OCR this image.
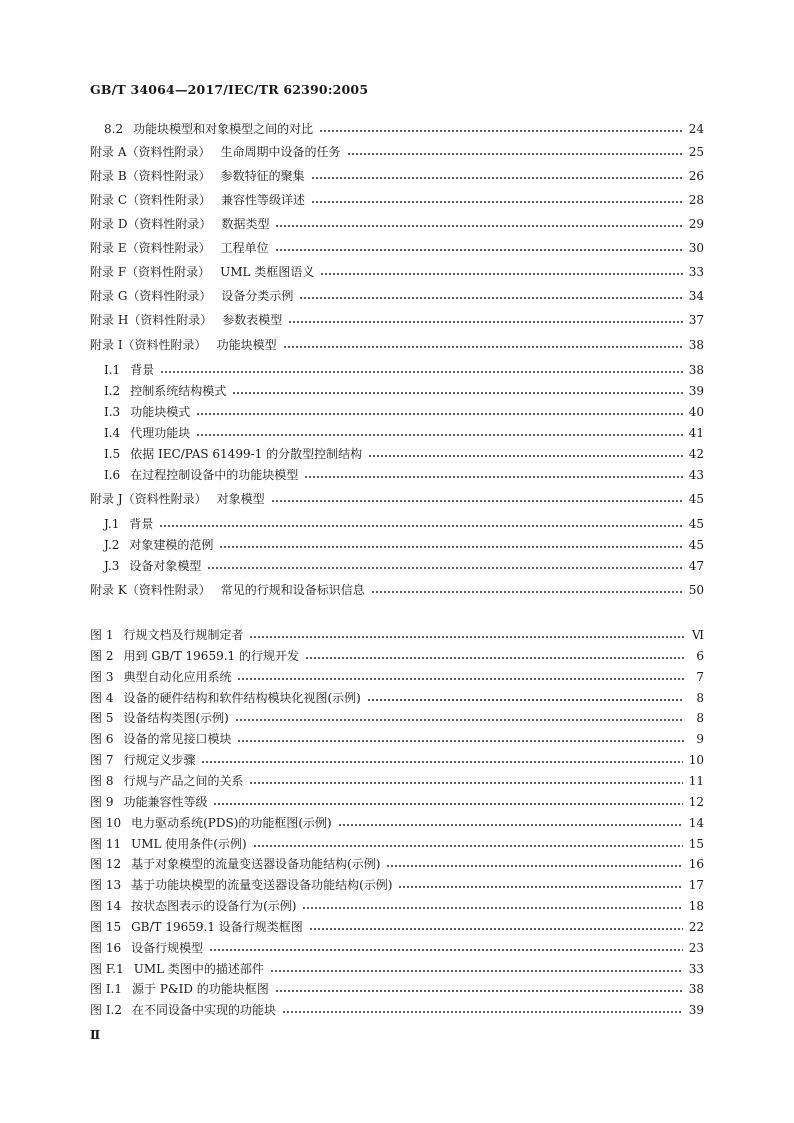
GB/T 34064—2017/IEC/TR 62390:2005
8.2 功能块模型和对象模型之间的对比	24
附录 A（资料性附录） 生命周期中设备的任务	25
附录 B（资料性附录） 参数特征的聚集	26
附录 C（资料性附录） 兼容性等级详述	28
附录 D（资料性附录） 数据类型	29
附录 E（资料性附录） 工程单位	30
附录 F（资料性附录） UML 类框图语义	33
附录 G（资料性附录） 设备分类示例	34
附录 H（资料性附录） 参数表模型	37
附录 I（资料性附录） 功能块模型	38
I.1 背景	38
I.2 控制系统结构模式	39
I.3 功能块模式	40
I.4 代理功能块	41
I.5 依据 IEC/PAS 61499-1 的分散型控制结构	42
I.6 在过程控制设备中的功能块模型	43
附录 J（资料性附录） 对象模型	45
J.1 背景	45
J.2 对象建模的范例	45
J.3 设备对象模型	47
附录 K（资料性附录） 常见的行规和设备标识信息	50
图 1 行规文档及行规制定者	Ⅵ
图 2 用到 GB/T 19659.1 的行规开发	6
图 3 典型自动化应用系统	7
图 4 设备的硬件结构和软件结构模块化视图(示例)	8
图 5 设备结构类图(示例)	8
图 6 设备的常见接口模块	9
图 7 行规定义步骤	10
图 8 行规与产品之间的关系	11
图 9 功能兼容性等级	12
图 10 电力驱动系统(PDS)的功能框图(示例)	14
图 11 UML 使用条件(示例)	15
图 12 基于对象模型的流量变送器设备功能结构(示例)	16
图 13 基于功能块模型的流量变送器设备功能结构(示例)	17
图 14 按状态图表示的设备行为(示例)	18
图 15 GB/T 19659.1 设备行规类框图	22
图 16 设备行规模型	23
图 F.1 UML 类图中的描述部件	33
图 I.1 源于 P&ID 的功能块框图	38
图 I.2 在不同设备中实现的功能块	39
Ⅱ
